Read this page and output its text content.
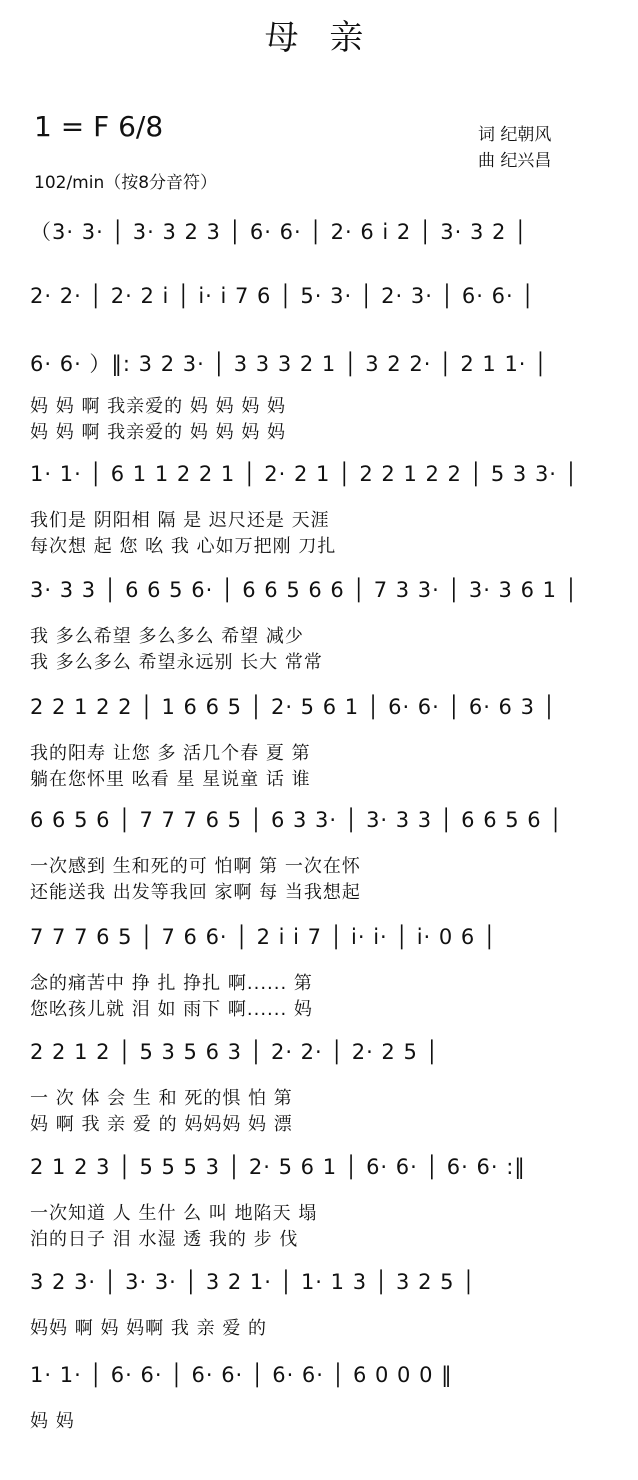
母 亲
1 = F 6/8
102/min（按8分音符）
词 纪朝风
曲 纪兴昌
（3· 3· │ 3· 3 2 3 │ 6· 6· │ 2· 6 i 2 │ 3· 3 2 │
2· 2· │ 2· 2 i │ i· i 7 6 │ 5· 3· │ 2· 3· │ 6· 6· │
6· 6· ）‖: 3 2 3· │ 3 3 3 2 1 │ 3 2 2· │ 2 1 1· │
妈 妈 啊 我亲爱的 妈 妈 妈 妈
妈 妈 啊 我亲爱的 妈 妈 妈 妈
1· 1· │ 6 1 1 2 2 1 │ 2· 2 1 │ 2 2 1 2 2 │ 5 3 3· │
我们是 阴阳相 隔 是 迟尺还是 天涯
每次想 起 您 吆 我 心如万把刚 刀扎
3· 3 3 │ 6 6 5 6· │ 6 6 5 6 6 │ 7 3 3· │ 3· 3 6 1 │
我 多么希望 多么多么 希望 减少
我 多么多么 希望永远别 长大 常常
2 2 1 2 2 │ 1 6 6 5 │ 2· 5 6 1 │ 6· 6· │ 6· 6 3 │
我的阳寿 让您 多 活几个春 夏 第
躺在您怀里 吆看 星 星说童 话 谁
6 6 5 6 │ 7 7 7 6 5 │ 6 3 3· │ 3· 3 3 │ 6 6 5 6 │
一次感到 生和死的可 怕啊 第 一次在怀
还能送我 出发等我回 家啊 每 当我想起
7 7 7 6 5 │ 7 6 6· │ 2 i i 7 │ i· i· │ i· 0 6 │
念的痛苦中 挣 扎 挣扎 啊...... 第
您吆孩儿就 泪 如 雨下 啊...... 妈
2 2 1 2 │ 5 3 5 6 3 │ 2· 2· │ 2· 2 5 │
一 次 体 会 生 和 死的惧 怕 第
妈 啊 我 亲 爱 的 妈妈妈 妈 漂
2 1 2 3 │ 5 5 5 3 │ 2· 5 6 1 │ 6· 6· │ 6· 6· :‖
一次知道 人 生什 么 叫 地陷天 塌
泊的日子 泪 水湿 透 我的 步 伐
3 2 3· │ 3· 3· │ 3 2 1· │ 1· 1 3 │ 3 2 5 │
妈妈 啊 妈 妈啊 我 亲 爱 的
1· 1· │ 6· 6· │ 6· 6· │ 6· 6· │ 6 0 0 0 ‖
妈 妈
